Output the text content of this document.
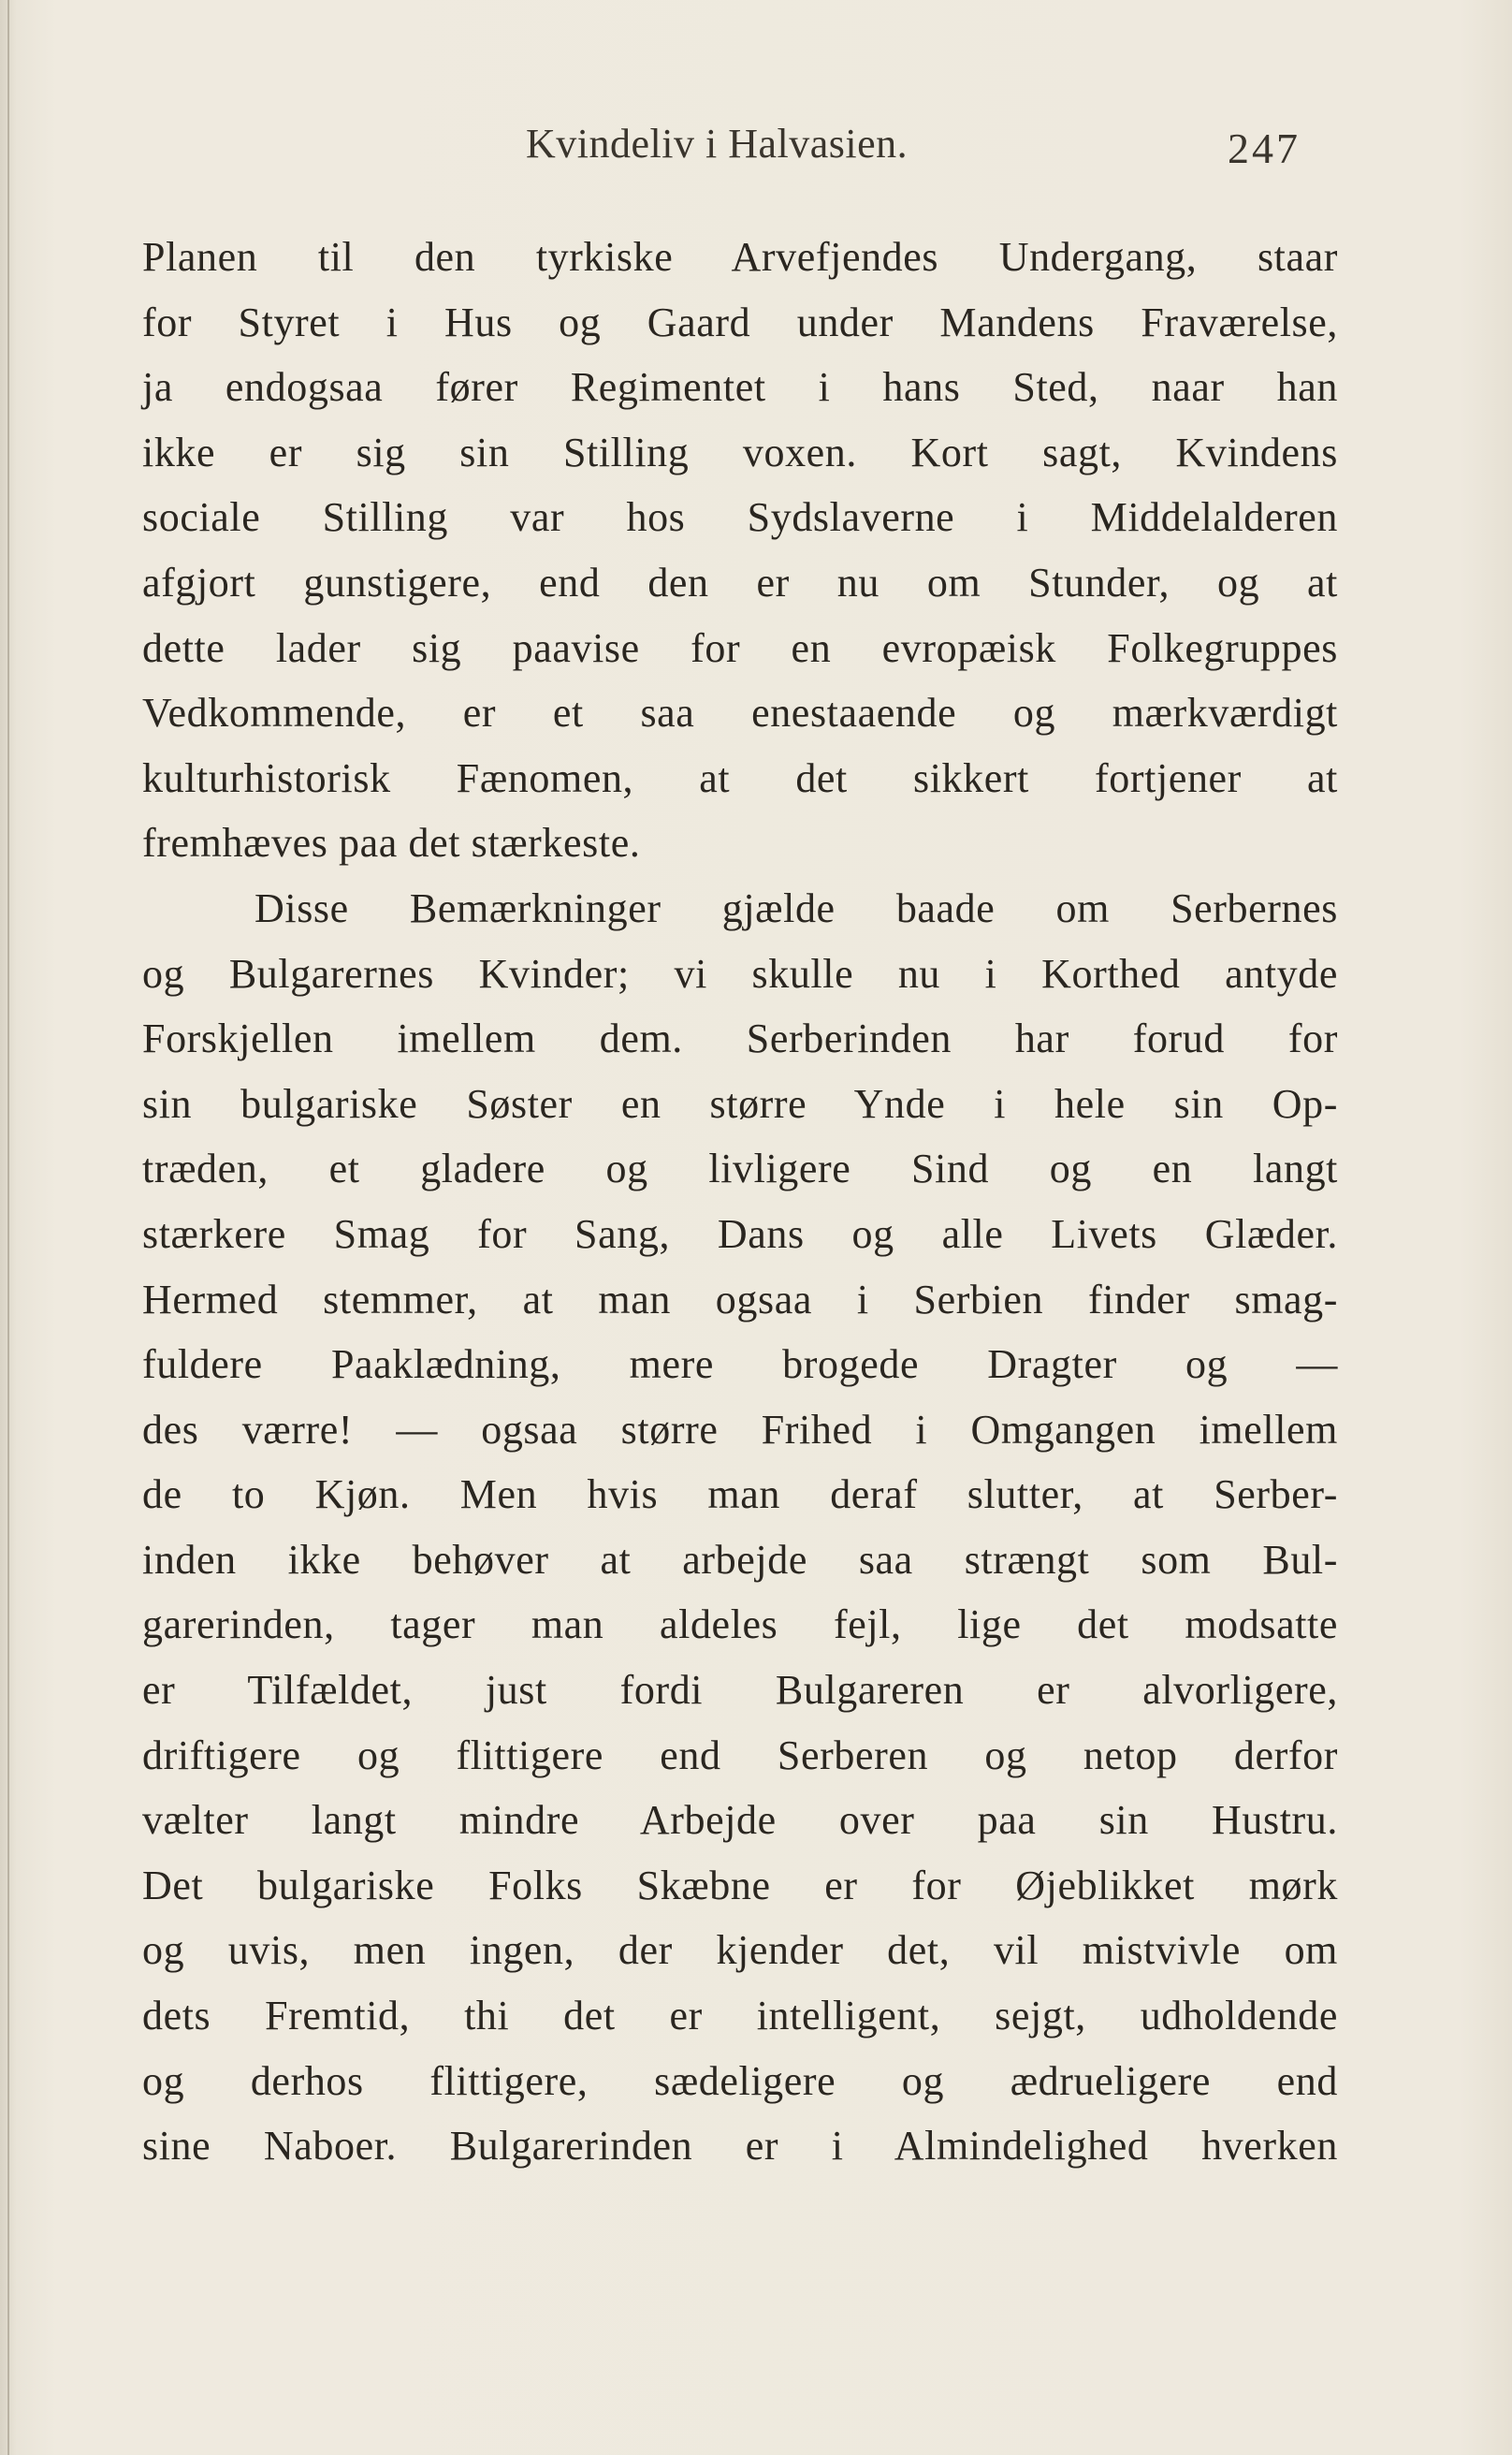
Kvindeliv i Halvasien.	247
Planen til den tyrkiske Arvefjendes Undergang, staar
for Styret i Hus og Gaard under Mandens Fraværelse,
ja endogsaa fører Regimentet i hans Sted, naar han
ikke er sig sin Stilling voxen. Kort sagt, Kvindens
sociale Stilling var hos Sydslaverne i Middelalderen
afgjort gunstigere, end den er nu om Stunder, og at
dette lader sig paavise for en evropæisk Folkegruppes
Vedkommende, er et saa enestaaende og mærkværdigt
kulturhistorisk Fænomen, at det sikkert fortjener at
fremhæves paa det stærkeste.
Disse Bemærkninger gjælde baade om Serbernes
og Bulgarernes Kvinder; vi skulle nu i Korthed antyde
Forskjellen imellem dem. Serberinden har forud for
sin bulgariske Søster en større Ynde i hele sin Op-
træden, et gladere og livligere Sind og en langt
stærkere Smag for Sang, Dans og alle Livets Glæder.
Hermed stemmer, at man ogsaa i Serbien finder smag-
fuldere Paaklædning, mere brogede Dragter og —
des værre! — ogsaa større Frihed i Omgangen imellem
de to Kjøn. Men hvis man deraf slutter, at Serber-
inden ikke behøver at arbejde saa strængt som Bul-
garerinden, tager man aldeles fejl, lige det modsatte
er Tilfældet, just fordi Bulgareren er alvorligere,
driftigere og flittigere end Serberen og netop derfor
vælter langt mindre Arbejde over paa sin Hustru.
Det bulgariske Folks Skæbne er for Øjeblikket mørk
og uvis, men ingen, der kjender det, vil mistvivle om
dets Fremtid, thi det er intelligent, sejgt, udholdende
og derhos flittigere, sædeligere og ædrueligere end
sine Naboer. Bulgarerinden er i Almindelighed hverken
